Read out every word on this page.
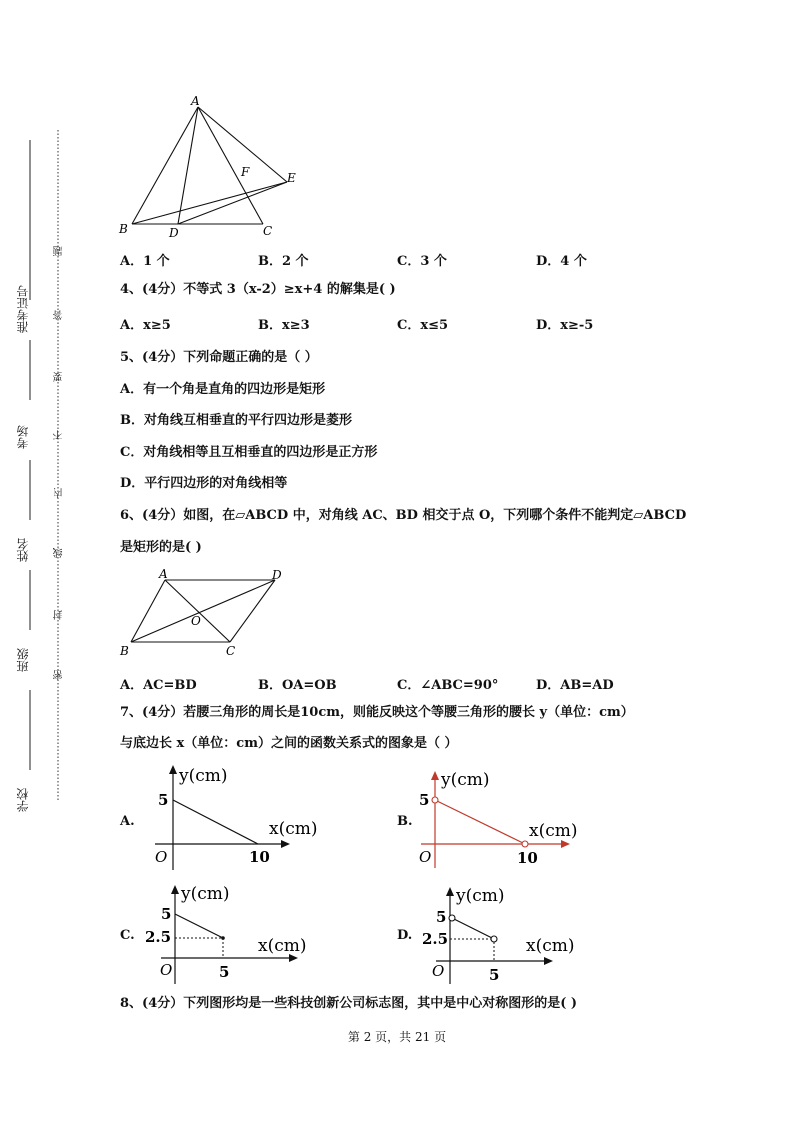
准考证号
考场
姓名
班级
学校
题
答
要
不
内
线
封
密
A
B	C
D
E
F
A．1 个	B．2 个	C．3 个	D．4 个
4、(4分）不等式 3（x-2）≥x+4 的解集是( )
A．x≥5	B．x≥3	C．x≤5	D．x≥-5
5、(4分）下列命题正确的是（ ）
A．有一个角是直角的四边形是矩形
B．对角线互相垂直的平行四边形是菱形
C．对角线相等且互相垂直的四边形是正方形
D．平行四边形的对角线相等
6、(4分）如图，在▱ABCD 中，对角线 AC、BD 相交于点 O，下列哪个条件不能判定▱ABCD
是矩形的是( )
A	D
O
B	C
A．AC=BD	B．OA=OB	C．∠ABC=90°	D．AB=AD
7、(4分）若腰三角形的周长是10cm，则能反映这个等腰三角形的腰长 y（单位：cm）
与底边长 x（单位：cm）之间的函数关系式的图象是（ ）
A.
y(cm)
x(cm)
O
5
10
B.
y(cm)
x(cm)
O
5
10
C.
y(cm)
x(cm)
O
5
2.5
5
D.
y(cm)
x(cm)
O
5
2.5
5
8、(4分）下列图形均是一些科技创新公司标志图，其中是中心对称图形的是( )
第 2 页，共 21 页
